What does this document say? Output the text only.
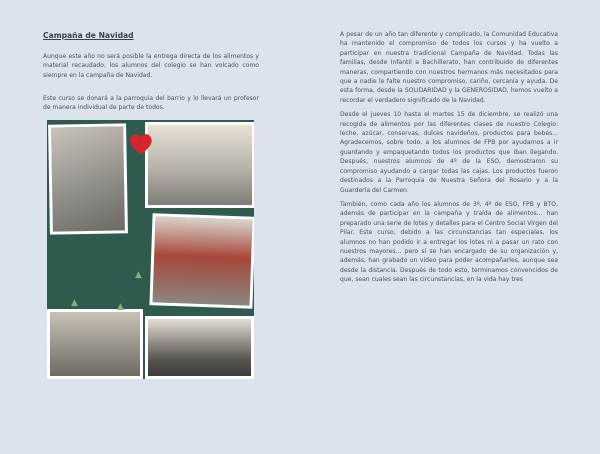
Campaña de Navidad
Aunque este año no será posible la entrega directa de los alimentos y material recaudado, los alumnos del colegio se han volcado como siempre en la campaña de Navidad.
Este curso se donará a la parroquia del barrio y lo llevará un profesor de manera individual de parte de todos.
▲	▲
▲

A pesar de un año tan diferente y complicado, la Comunidad Educativa ha mantenido el compromiso de todos los cursos y ha vuelto a participar en nuestra tradicional Campaña de Navidad. Todas las familias, desde Infantil a Bachillerato, han contribuido de diferentes maneras, compartiendo con nuestros hermanos más necesitados para que a nadie le falte nuestro compromiso, cariño, cercanía y ayuda. De esta forma, desde la SOLIDARIDAD y la GENEROSIDAD, hemos vuelto a recordar el verdadero significado de la Navidad.

Desde el jueves 10 hasta el martes 15 de diciembre, se realizó una recogida de alimentos por las diferentes clases de nuestro Colegio: leche, azúcar, conservas, dulces navideños, productos para bebés... Agradecemos, sobre todo, a los alumnos de FPB por ayudarnos a ir guardando y empaquetando todos los productos que iban llegando. Después, nuestros alumnos de 4º de la ESO, demostraron su compromiso ayudando a cargar todas las cajas. Los productos fueron destinados a la Parroquia de Nuestra Señora del Rosario y a la Guardería del Carmen.

También, como cada año los alumnos de 3º, 4º de ESO, FPB y BTO, además de participar en la campaña y traída de alimentos... han preparado una serie de lotes y detalles para el Centro Social Virgen del Pilar. Este curso, debido a las circunstancias tan especiales, los alumnos no han podido ir a entregar los lotes ni a pasar un rato con nuestros mayores... pero sí se han encargado de su organización y, además, han grabado un vídeo para poder acompañarles, aunque sea desde la distancia. Después de todo esto, terminamos convencidos de que, sean cuales sean las circunstancias, en la vida hay tres
